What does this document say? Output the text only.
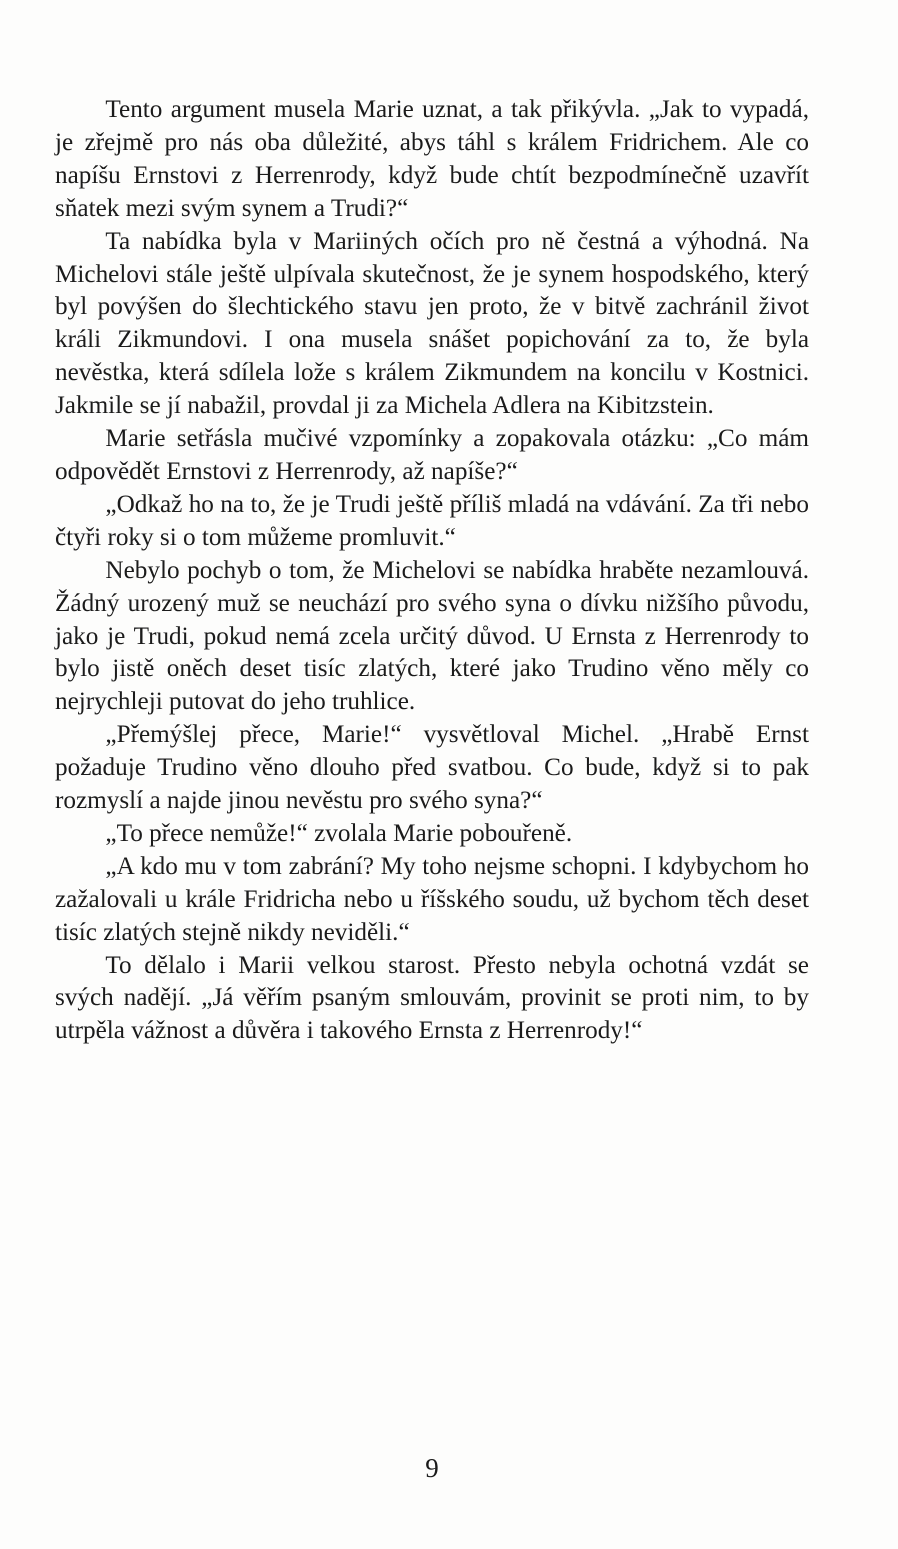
Tento argument musela Marie uznat, a tak přikývla. „Jak to vypadá, je zřejmě pro nás oba důležité, abys táhl s králem Fridrichem. Ale co napíšu Ernstovi z Herrenrody, když bude chtít bezpodmínečně uzavřít sňatek mezi svým synem a Trudi?“

Ta nabídka byla v Mariiných očích pro ně čestná a výhodná. Na Michelovi stále ještě ulpívala skutečnost, že je synem hospodského, který byl povýšen do šlechtického stavu jen proto, že v bitvě zachránil život králi Zikmundovi. I ona musela snášet popichování za to, že byla nevěstka, která sdílela lože s králem Zikmundem na koncilu v Kostnici. Jakmile se jí nabažil, provdal ji za Michela Adlera na Kibitzstein.

Marie setřásla mučivé vzpomínky a zopakovala otázku: „Co mám odpovědět Ernstovi z Herrenrody, až napíše?“

„Odkaž ho na to, že je Trudi ještě příliš mladá na vdávání. Za tři nebo čtyři roky si o tom můžeme promluvit.“

Nebylo pochyb o tom, že Michelovi se nabídka hraběte nezamlouvá. Žádný urozený muž se neuchází pro svého syna o dívku nižšího původu, jako je Trudi, pokud nemá zcela určitý důvod. U Ernsta z Herrenrody to bylo jistě oněch deset tisíc zlatých, které jako Trudino věno měly co nejrychleji putovat do jeho truhlice.

„Přemýšlej přece, Marie!“ vysvětloval Michel. „Hrabě Ernst požaduje Trudino věno dlouho před svatbou. Co bude, když si to pak rozmyslí a najde jinou nevěstu pro svého syna?“

„To přece nemůže!“ zvolala Marie pobouřeně.

„A kdo mu v tom zabrání? My toho nejsme schopni. I kdybychom ho zažalovali u krále Fridricha nebo u říšského soudu, už bychom těch deset tisíc zlatých stejně nikdy neviděli.“

To dělalo i Marii velkou starost. Přesto nebyla ochotná vzdát se svých nadějí. „Já věřím psaným smlouvám, provinit se proti nim, to by utrpěla vážnost a důvěra i takového Ernsta z Herrenrody!“

9
